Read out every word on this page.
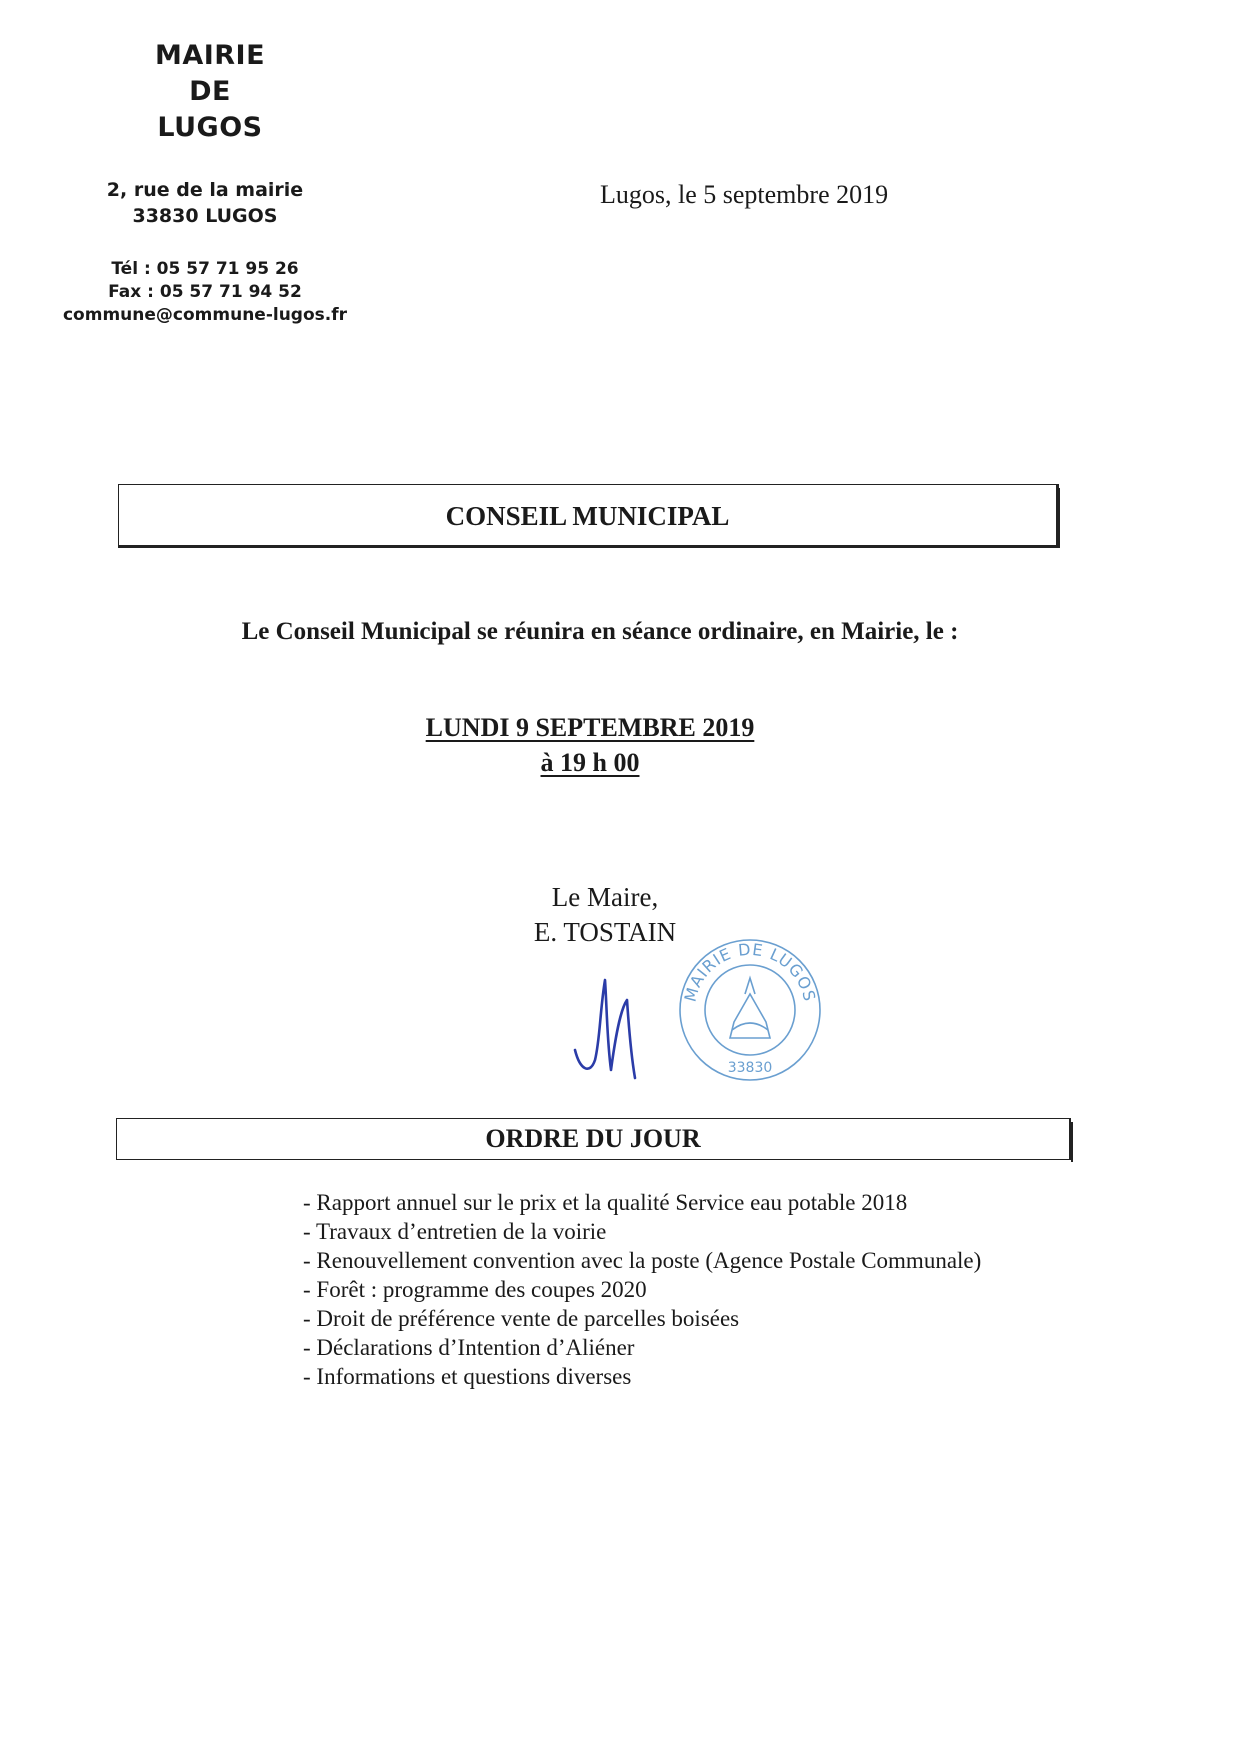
MAIRIE
DE
LUGOS
2, rue de la mairie
33830 LUGOS
Tél : 05 57 71 95 26
Fax : 05 57 71 94 52
commune@commune-lugos.fr
Lugos, le 5 septembre 2019
CONSEIL MUNICIPAL
Le Conseil Municipal se réunira en séance ordinaire, en Mairie, le :
LUNDI 9 SEPTEMBRE 2019
à 19 h 00
Le Maire,
E. TOSTAIN
MAIRIE DE LUGOS
33830
ORDRE DU JOUR
- Rapport annuel sur le prix et la qualité Service eau potable 2018
- Travaux d’entretien de la voirie
- Renouvellement convention avec la poste (Agence Postale Communale)
- Forêt : programme des coupes 2020
- Droit de préférence vente de parcelles boisées
- Déclarations d’Intention d’Aliéner
- Informations et questions diverses
